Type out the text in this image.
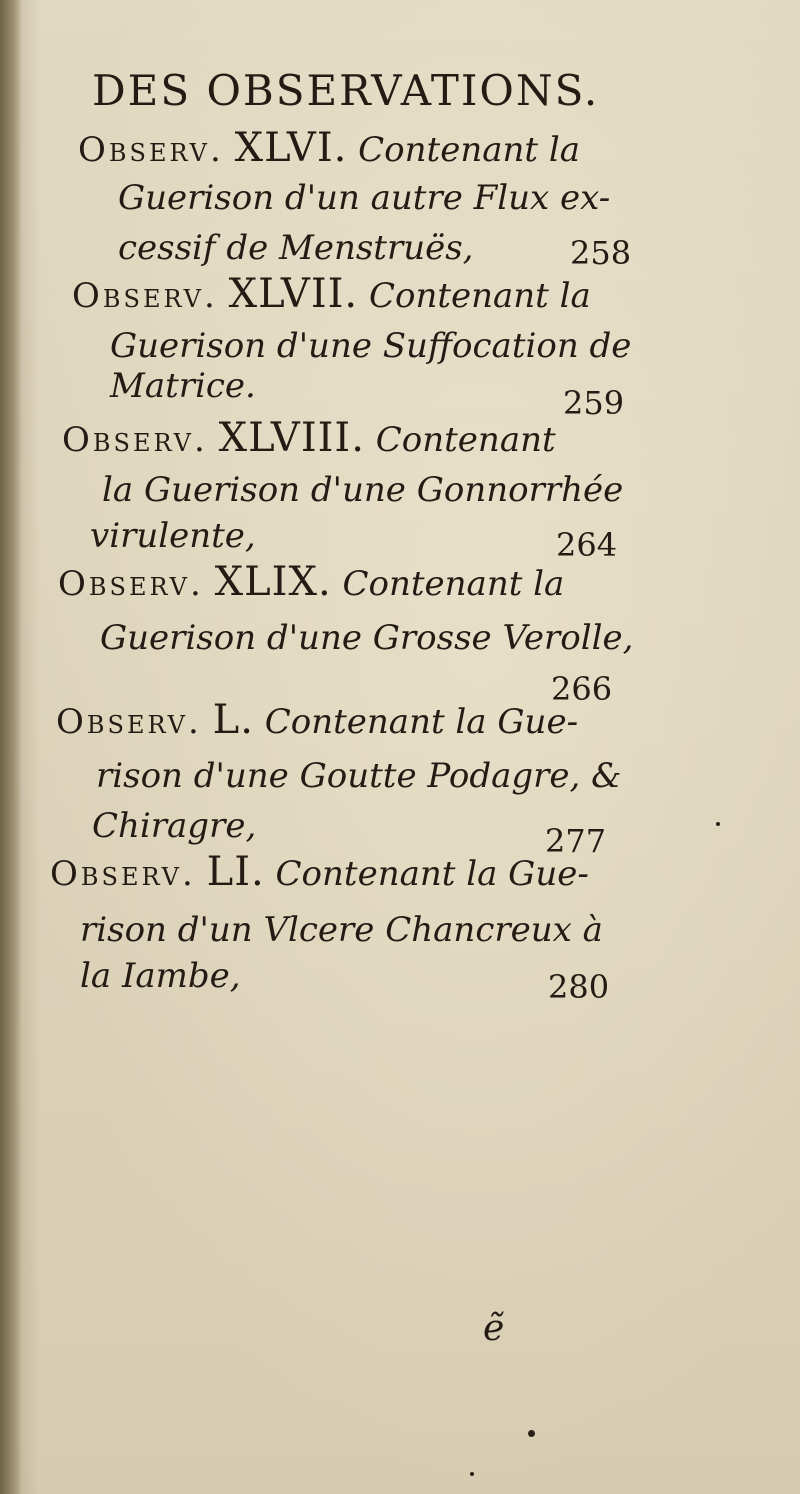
DES OBSERVATIONS.
Observ. XLVI. Contenant la
Guerison d'un autre Flux ex-
cessif de Menstruës,	258
Observ. XLVII. Contenant la
Guerison d'une Suffocation de
Matrice.	259
Observ. XLVIII. Contenant
la Guerison d'une Gonnorrhée
virulente,	264
Observ. XLIX. Contenant la
Guerison d'une Grosse Verolle,
266
Observ. L. Contenant la Gue-
rison d'une Goutte Podagre, &
Chiragre,	277
Observ. LI. Contenant la Gue-
rison d'un Vlcere Chancreux à
la Iambe,	280
ẽ
